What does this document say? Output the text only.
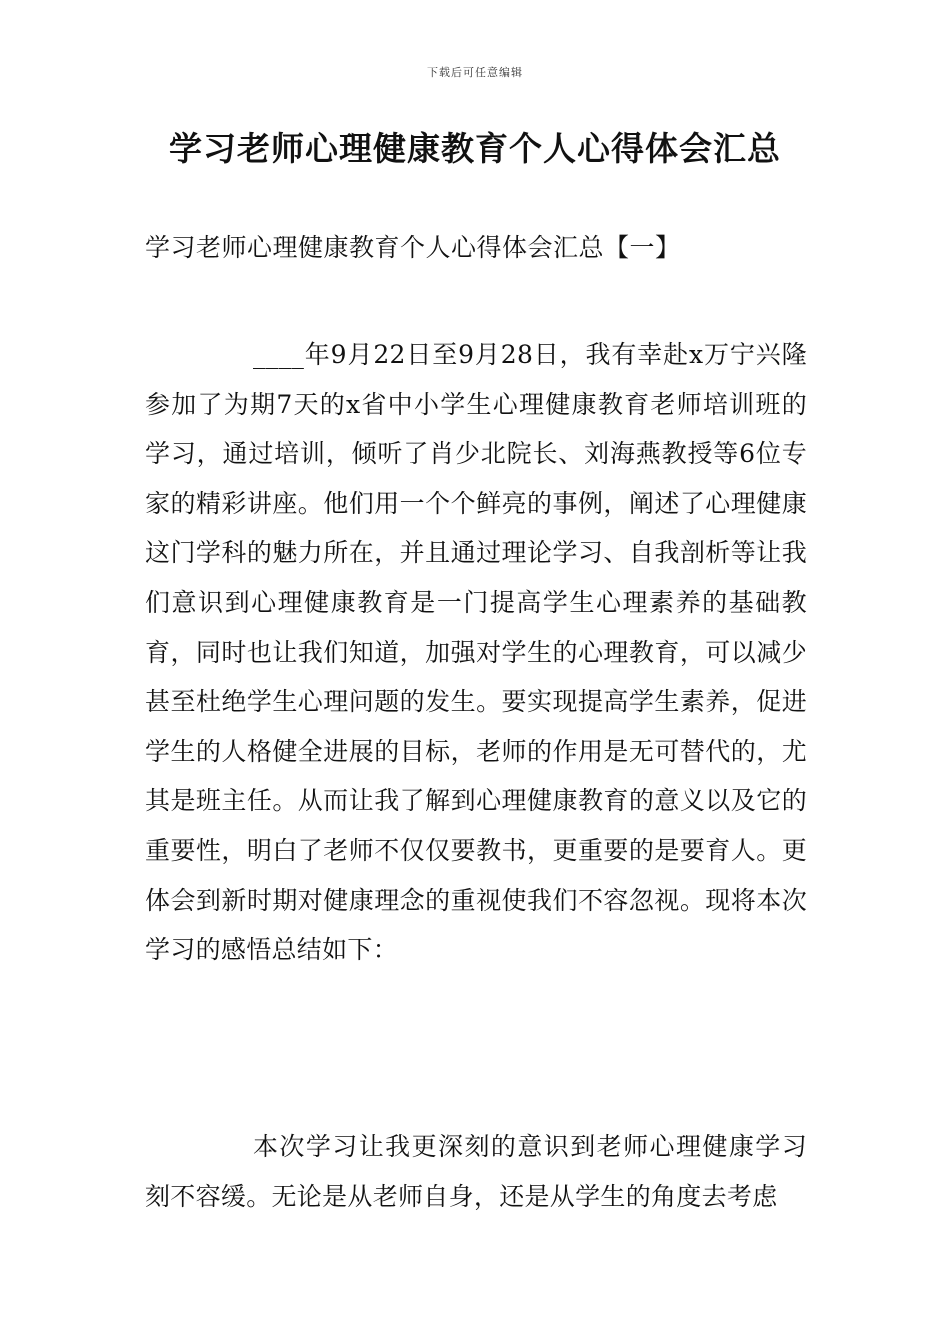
下载后可任意编辑
学习老师心理健康教育个人心得体会汇总
学习老师心理健康教育个人心得体会汇总【一】

____年9月22日至9月28日，我有幸赴x万宁兴隆参加了为期7天的x省中小学生心理健康教育老师培训班的学习，通过培训，倾听了肖少北院长、刘海燕教授等6位专家的精彩讲座。他们用一个个鲜亮的事例，阐述了心理健康这门学科的魅力所在，并且通过理论学习、自我剖析等让我们意识到心理健康教育是一门提高学生心理素养的基础教育，同时也让我们知道，加强对学生的心理教育，可以减少甚至杜绝学生心理问题的发生。要实现提高学生素养，促进学生的人格健全进展的目标，老师的作用是无可替代的，尤其是班主任。从而让我了解到心理健康教育的意义以及它的重要性，明白了老师不仅仅要教书，更重要的是要育人。更体会到新时期对健康理念的重视使我们不容忽视。现将本次学习的感悟总结如下：

本次学习让我更深刻的意识到老师心理健康学习刻不容缓。无论是从老师自身，还是从学生的角度去考虑
